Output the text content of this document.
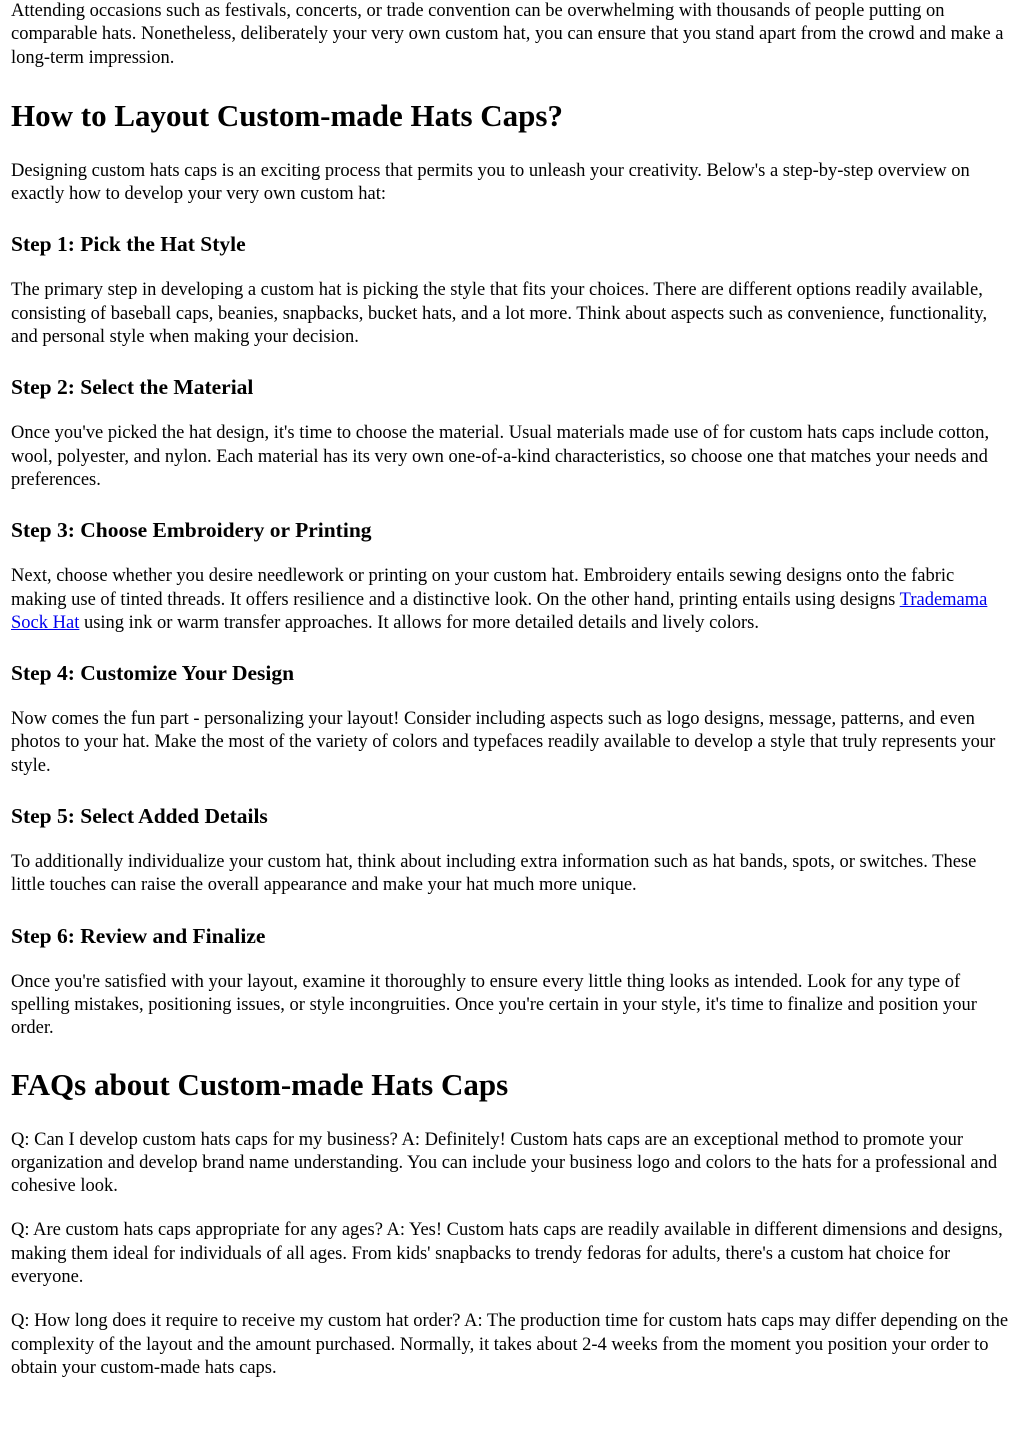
Attending occasions such as festivals, concerts, or trade convention can be overwhelming with thousands of people putting on comparable hats. Nonetheless, deliberately your very own custom hat, you can ensure that you stand apart from the crowd and make a long-term impression.

How to Layout Custom-made Hats Caps?

Designing custom hats caps is an exciting process that permits you to unleash your creativity. Below's a step-by-step overview on exactly how to develop your very own custom hat:

Step 1: Pick the Hat Style

The primary step in developing a custom hat is picking the style that fits your choices. There are different options readily available, consisting of baseball caps, beanies, snapbacks, bucket hats, and a lot more. Think about aspects such as convenience, functionality, and personal style when making your decision.

Step 2: Select the Material

Once you've picked the hat design, it's time to choose the material. Usual materials made use of for custom hats caps include cotton, wool, polyester, and nylon. Each material has its very own one-of-a-kind characteristics, so choose one that matches your needs and preferences.

Step 3: Choose Embroidery or Printing

Next, choose whether you desire needlework or printing on your custom hat. Embroidery entails sewing designs onto the fabric making use of tinted threads. It offers resilience and a distinctive look. On the other hand, printing entails using designs Trademama Sock Hat using ink or warm transfer approaches. It allows for more detailed details and lively colors.

Step 4: Customize Your Design

Now comes the fun part - personalizing your layout! Consider including aspects such as logo designs, message, patterns, and even photos to your hat. Make the most of the variety of colors and typefaces readily available to develop a style that truly represents your style.

Step 5: Select Added Details

To additionally individualize your custom hat, think about including extra information such as hat bands, spots, or switches. These little touches can raise the overall appearance and make your hat much more unique.

Step 6: Review and Finalize

Once you're satisfied with your layout, examine it thoroughly to ensure every little thing looks as intended. Look for any type of spelling mistakes, positioning issues, or style incongruities. Once you're certain in your style, it's time to finalize and position your order.

FAQs about Custom-made Hats Caps

Q: Can I develop custom hats caps for my business? A: Definitely! Custom hats caps are an exceptional method to promote your organization and develop brand name understanding. You can include your business logo and colors to the hats for a professional and cohesive look.

Q: Are custom hats caps appropriate for any ages? A: Yes! Custom hats caps are readily available in different dimensions and designs, making them ideal for individuals of all ages. From kids' snapbacks to trendy fedoras for adults, there's a custom hat choice for everyone.

Q: How long does it require to receive my custom hat order? A: The production time for custom hats caps may differ depending on the complexity of the layout and the amount purchased. Normally, it takes about 2-4 weeks from the moment you position your order to obtain your custom-made hats caps.
